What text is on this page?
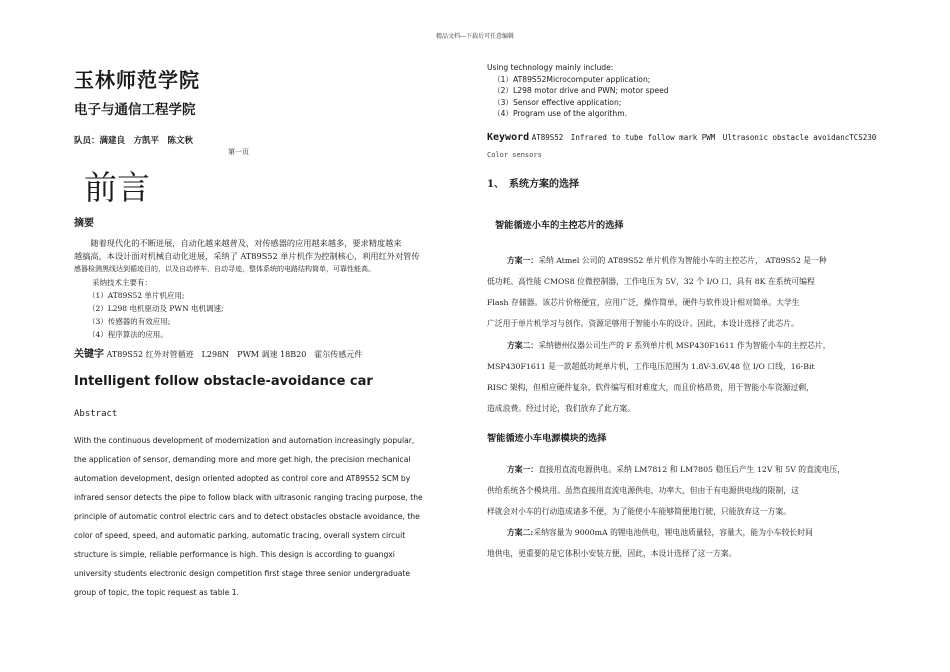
精品文档---下载后可任意编辑
玉林师范学院
电子与通信工程学院
队员：满建良　方凯平　陈文秋
第一页
前言
摘要
　　随着现代化的不断进展，自动化越来越普及，对传感器的应用越来越多，要求精度越来
越搞高，本设计面对机械自动化进展，采纳了 AT89S52 单片机作为控制核心，利用红外对管传
感器检测黑线达到循迹目的，以及自动停车，自动寻迹，整体系统的电路结构简单，可靠性能高。
采纳技术主要有：
（1）AT89S52 单片机应用;
（2）L298 电机驱动及 PWN 电机调速;
（3）传感器的有效应用;
（4）程序算法的应用。
关键字 AT89S52 红外对管循迹　L298N　PWM 调速 18B20　霍尔传感元件
Intelligent follow obstacle-avoidance car
Abstract
With the continuous development of modernization and automation increasingly popular,
the application of sensor, demanding more and more get high, the precision mechanical
automation development, design oriented adopted as control core and AT89S52 SCM by
infrared sensor detects the pipe to follow black with ultrasonic ranging tracing purpose, the
principle of automatic control electric cars and to detect obstacles obstacle avoidance, the
color of speed, speed, and automatic parking, automatic tracing, overall system circuit
structure is simple, reliable performance is high. This design is according to guangxi
university students electronic design competition first stage three senior undergraduate
group of topic, the topic request as table 1.
Using technology mainly include:
（1）AT89S52Microcomputer application;
（2）L298 motor drive and PWN; motor speed
（3）Sensor effective application;
（4）Program use of the algorithm.
Keyword AT89S52　Infrared to tube follow mark PWM　Ultrasonic obstacle avoidancTCS230
Color sensors
1、　系统方案的选择
智能循迹小车的主控芯片的选择
方案一：采纳 Atmel 公司的 AT89S52 单片机作为智能小车的主控芯片， AT89S52 是一种
低功耗、高性能 CMOS8 位微控制器，工作电压为 5V，32 个 I/O 口，具有 8K 在系统可编程
Flash 存储器。该芯片价格便宜，应用广泛，操作简单，硬件与软件设计相对简单。大学生
广泛用于单片机学习与创作。资源足够用于智能小车的设计。因此，本设计选择了此芯片。
方案二：采纳德州仪器公司生产的 F 系列单片机 MSP430F1611 作为智能小车的主控芯片，
MSP430F1611 是一款超低功耗单片机，工作电压范围为 1.8V-3.6V,48 位 I/O 口线，16-Bit
RISC 架构，但相应硬件复杂，软件编写相对难度大，而且价格昂贵，用于智能小车资源过剩，
造成浪费。经过讨论，我们放弃了此方案。
智能循迹小车电源模块的选择
方案一：直接用直流电源供电。采纳 LM7812 和 LM7805 稳压后产生 12V 和 5V 的直流电压，
供给系统各个模块用。虽然直接用直流电源供电，功率大，但由于有电源供电线的限制，这
样就会对小车的行动造成诸多不便，为了能使小车能够简便地行驶，只能放弃这一方案。
方案二:采纳容量为 9000mA 的锂电池供电，锂电池质量轻，容量大，能为小车较长时间
地供电，更重要的是它体积小安装方便，因此，本设计选择了这一方案。
